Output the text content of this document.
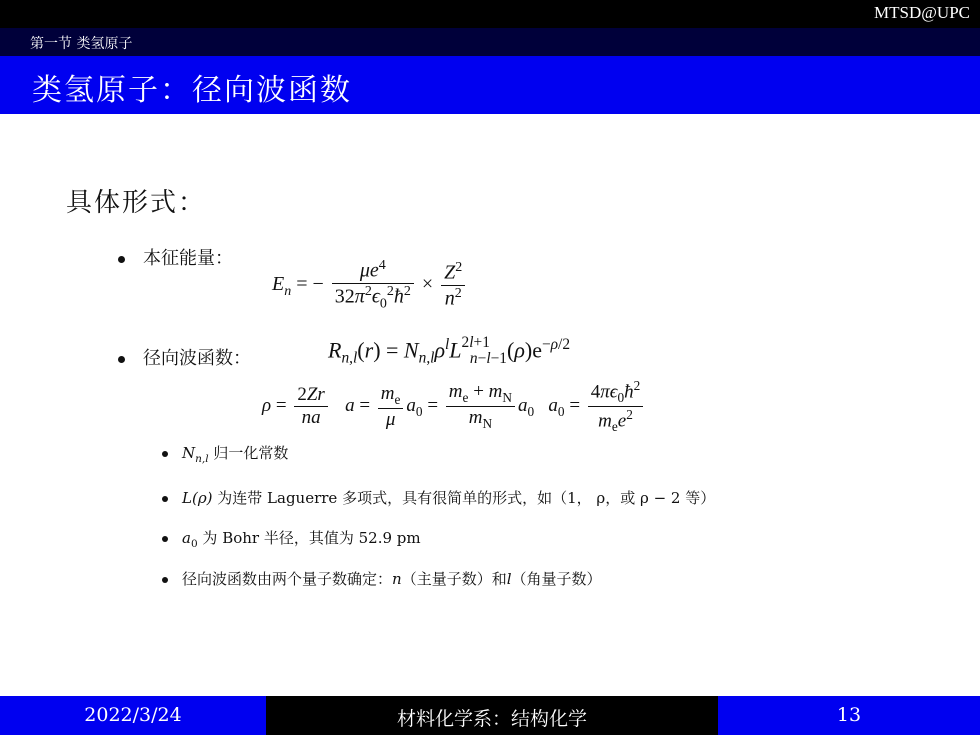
MTSD@UPC
第一节 类氢原子
类氢原子：径向波函数
具体形式：
本征能量：
$E_n$ = − $\frac{\mu e^4}{32\pi^2\epsilon_0^2ħ^2} \times \frac{Z^2}{n^2}$
径向波函数：	$R_{n,l}(r) = N_{n,l}\rho^lL^{2l+1}_{n-l-1}(\rho)e^{-\rho/2}$
$\rho = \frac{2Zr}{na}$ $a = \frac{m_e}{\mu} a_0 = \frac{m_e + m_N}{m_N} a_0$ $a_0 = \frac{4\pi\epsilon_0ħ^2}{m_ee^2}$
$N_{n,l}$ 归一化常数
L(ρ) 为连带 Laguerre 多项式，具有很简单的形式，如（1， ρ，或 ρ − 2 等）
$a_0$ 为 Bohr 半径，其值为 52.9 pm
径向波函数由两个量子数确定：n（主量子数）和l（角量子数）
2022/3/24	材料化学系：结构化学	13
